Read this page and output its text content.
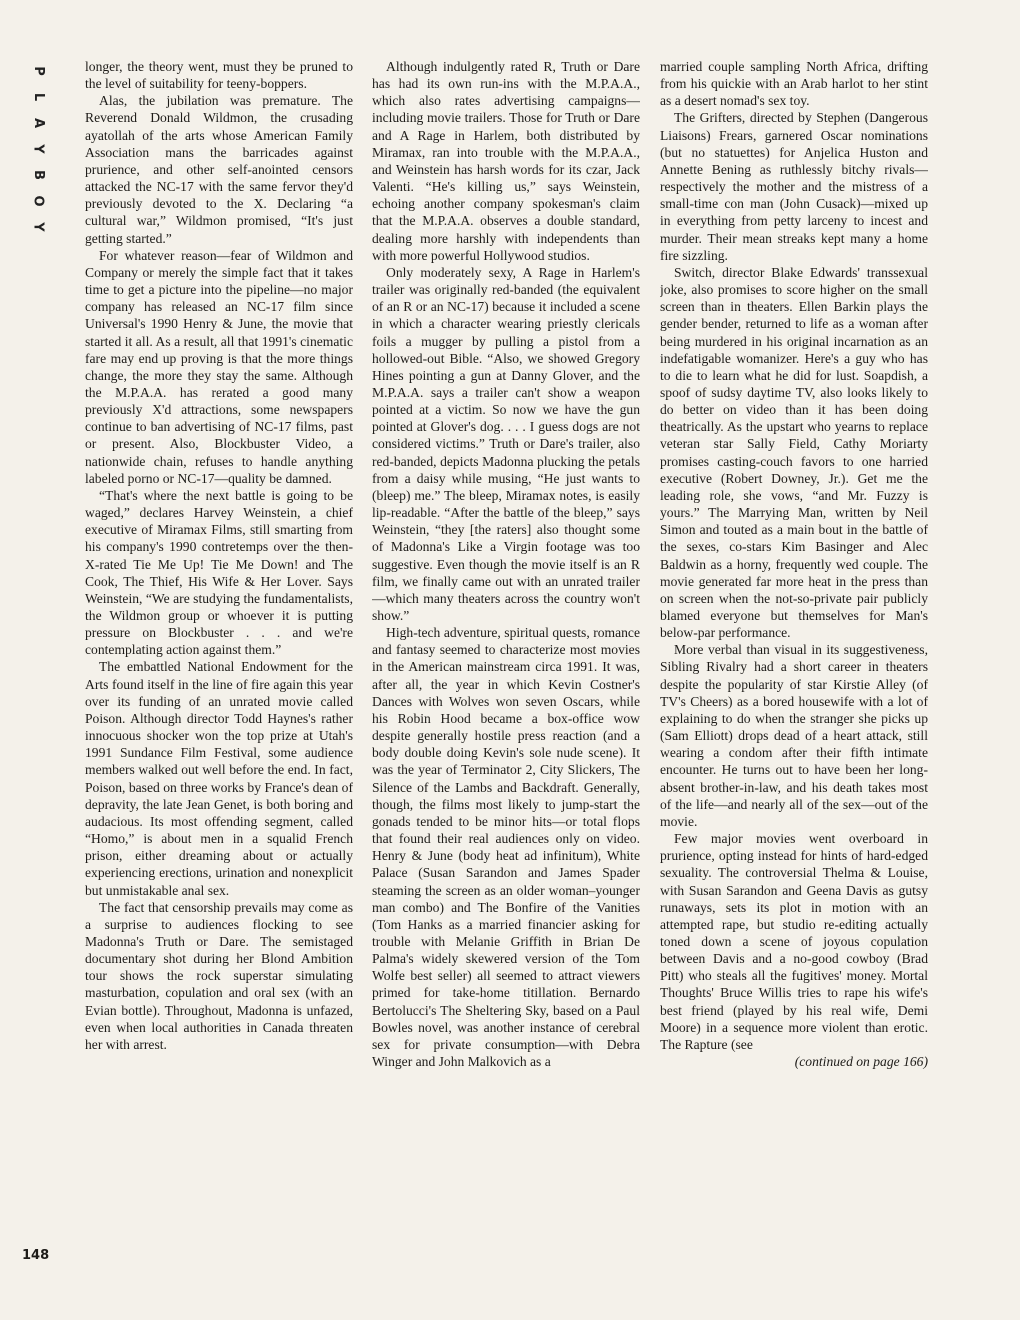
P
L
A
Y
B
O
Y

longer, the theory went, must they be pruned to the level of suitability for teeny-boppers.

Alas, the jubilation was premature. The Reverend Donald Wildmon, the crusading ayatollah of the arts whose American Family Association mans the barricades against prurience, and other self-anointed censors attacked the NC-17 with the same fervor they'd previously devoted to the X. Declaring “a cultural war,” Wildmon promised, “It's just getting started.”

For whatever reason—fear of Wildmon and Company or merely the simple fact that it takes time to get a picture into the pipeline—no major company has released an NC-17 film since Universal's 1990 Henry & June, the movie that started it all. As a result, all that 1991's cinematic fare may end up proving is that the more things change, the more they stay the same. Although the M.P.A.A. has rerated a good many previously X'd attractions, some newspapers continue to ban advertising of NC-17 films, past or present. Also, Blockbuster Video, a nationwide chain, refuses to handle anything labeled porno or NC-17—quality be damned.

“That's where the next battle is going to be waged,” declares Harvey Weinstein, a chief executive of Miramax Films, still smarting from his company's 1990 contretemps over the then-X-rated Tie Me Up! Tie Me Down! and The Cook, The Thief, His Wife & Her Lover. Says Weinstein, “We are studying the fundamentalists, the Wildmon group or whoever it is putting pressure on Blockbuster . . . and we're contemplating action against them.”

The embattled National Endowment for the Arts found itself in the line of fire again this year over its funding of an unrated movie called Poison. Although director Todd Haynes's rather innocuous shocker won the top prize at Utah's 1991 Sundance Film Festival, some audience members walked out well before the end. In fact, Poison, based on three works by France's dean of depravity, the late Jean Genet, is both boring and audacious. Its most offending segment, called “Homo,” is about men in a squalid French prison, either dreaming about or actually experiencing erections, urination and nonexplicit but unmistakable anal sex.

The fact that censorship prevails may come as a surprise to audiences flocking to see Madonna's Truth or Dare. The semistaged documentary shot during her Blond Ambition tour shows the rock superstar simulating masturbation, copulation and oral sex (with an Evian bottle). Throughout, Madonna is unfazed, even when local authorities in Canada threaten her with arrest.

Although indulgently rated R, Truth or Dare has had its own run-ins with the M.P.A.A., which also rates advertising campaigns—including movie trailers. Those for Truth or Dare and A Rage in Harlem, both distributed by Miramax, ran into trouble with the M.P.A.A., and Weinstein has harsh words for its czar, Jack Valenti. “He's killing us,” says Weinstein, echoing another company spokesman's claim that the M.P.A.A. observes a double standard, dealing more harshly with independents than with more powerful Hollywood studios.

Only moderately sexy, A Rage in Harlem's trailer was originally red-banded (the equivalent of an R or an NC-17) because it included a scene in which a character wearing priestly clericals foils a mugger by pulling a pistol from a hollowed-out Bible. “Also, we showed Gregory Hines pointing a gun at Danny Glover, and the M.P.A.A. says a trailer can't show a weapon pointed at a victim. So now we have the gun pointed at Glover's dog. . . . I guess dogs are not considered victims.” Truth or Dare's trailer, also red-banded, depicts Madonna plucking the petals from a daisy while musing, “He just wants to (bleep) me.” The bleep, Miramax notes, is easily lip-readable. “After the battle of the bleep,” says Weinstein, “they [the raters] also thought some of Madonna's Like a Virgin footage was too suggestive. Even though the movie itself is an R film, we finally came out with an unrated trailer—which many theaters across the country won't show.”

High-tech adventure, spiritual quests, romance and fantasy seemed to characterize most movies in the American mainstream circa 1991. It was, after all, the year in which Kevin Costner's Dances with Wolves won seven Oscars, while his Robin Hood became a box-office wow despite generally hostile press reaction (and a body double doing Kevin's sole nude scene). It was the year of Terminator 2, City Slickers, The Silence of the Lambs and Backdraft. Generally, though, the films most likely to jump-start the gonads tended to be minor hits—or total flops that found their real audiences only on video. Henry & June (body heat ad infinitum), White Palace (Susan Sarandon and James Spader steaming the screen as an older woman–younger man combo) and The Bonfire of the Vanities (Tom Hanks as a married financier asking for trouble with Melanie Griffith in Brian De Palma's widely skewered version of the Tom Wolfe best seller) all seemed to attract viewers primed for take-home titillation. Bernardo Bertolucci's The Sheltering Sky, based on a Paul Bowles novel, was another instance of cerebral sex for private consumption—with Debra Winger and John Malkovich as a

married couple sampling North Africa, drifting from his quickie with an Arab harlot to her stint as a desert nomad's sex toy.

The Grifters, directed by Stephen (Dangerous Liaisons) Frears, garnered Oscar nominations (but no statuettes) for Anjelica Huston and Annette Bening as ruthlessly bitchy rivals—respectively the mother and the mistress of a small-time con man (John Cusack)—mixed up in everything from petty larceny to incest and murder. Their mean streaks kept many a home fire sizzling.

Switch, director Blake Edwards' transsexual joke, also promises to score higher on the small screen than in theaters. Ellen Barkin plays the gender bender, returned to life as a woman after being murdered in his original incarnation as an indefatigable womanizer. Here's a guy who has to die to learn what he did for lust. Soapdish, a spoof of sudsy daytime TV, also looks likely to do better on video than it has been doing theatrically. As the upstart who yearns to replace veteran star Sally Field, Cathy Moriarty promises casting-couch favors to one harried executive (Robert Downey, Jr.). Get me the leading role, she vows, “and Mr. Fuzzy is yours.” The Marrying Man, written by Neil Simon and touted as a main bout in the battle of the sexes, co-stars Kim Basinger and Alec Baldwin as a horny, frequently wed couple. The movie generated far more heat in the press than on screen when the not-so-private pair publicly blamed everyone but themselves for Man's below-par performance.

More verbal than visual in its suggestiveness, Sibling Rivalry had a short career in theaters despite the popularity of star Kirstie Alley (of TV's Cheers) as a bored housewife with a lot of explaining to do when the stranger she picks up (Sam Elliott) drops dead of a heart attack, still wearing a condom after their fifth intimate encounter. He turns out to have been her long-absent brother-in-law, and his death takes most of the life—and nearly all of the sex—out of the movie.

Few major movies went overboard in prurience, opting instead for hints of hard-edged sexuality. The controversial Thelma & Louise, with Susan Sarandon and Geena Davis as gutsy runaways, sets its plot in motion with an attempted rape, but studio re-editing actually toned down a scene of joyous copulation between Davis and a no-good cowboy (Brad Pitt) who steals all the fugitives' money. Mortal Thoughts' Bruce Willis tries to rape his wife's best friend (played by his real wife, Demi Moore) in a sequence more violent than erotic. The Rapture (see

(continued on page 166)

148
